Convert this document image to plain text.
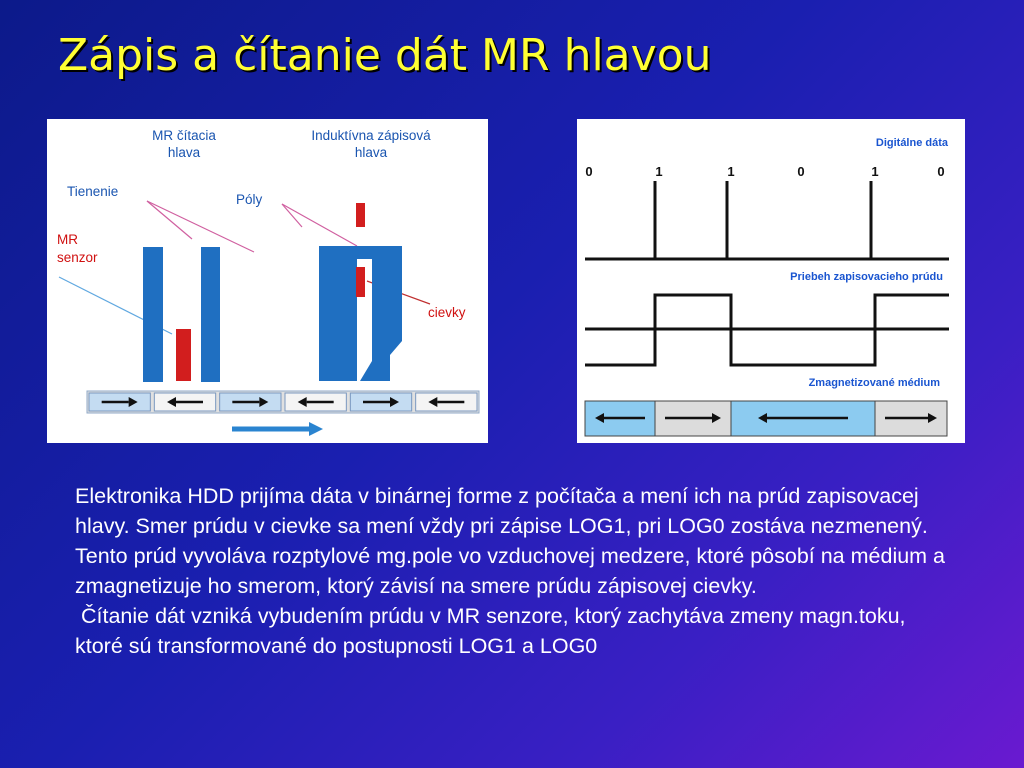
Zápis a čítanie dát MR hlavou
MR čítacia
hlava
Induktívna zápisová
hlava
Tienenie
Póly
MR
senzor
cievky
0	1	1	0	1	0
Digitálne dáta
Priebeh zapisovacieho prúdu
Zmagnetizované médium

Elektronika HDD prijíma dáta v binárnej forme z počítača a mení ich na prúd zapisovacej hlavy. Smer prúdu v cievke sa mení vždy pri zápise LOG1, pri LOG0 zostáva nezmenený.

Tento prúd vyvoláva rozptylové mg.pole vo vzduchovej medzere, ktoré pôsobí na médium a zmagnetizuje ho smerom, ktorý závisí na smere prúdu zápisovej cievky.

Čítanie dát vzniká vybudením prúdu v MR senzore, ktorý zachytáva zmeny magn.toku, ktoré sú transformované do postupnosti LOG1 a LOG0
